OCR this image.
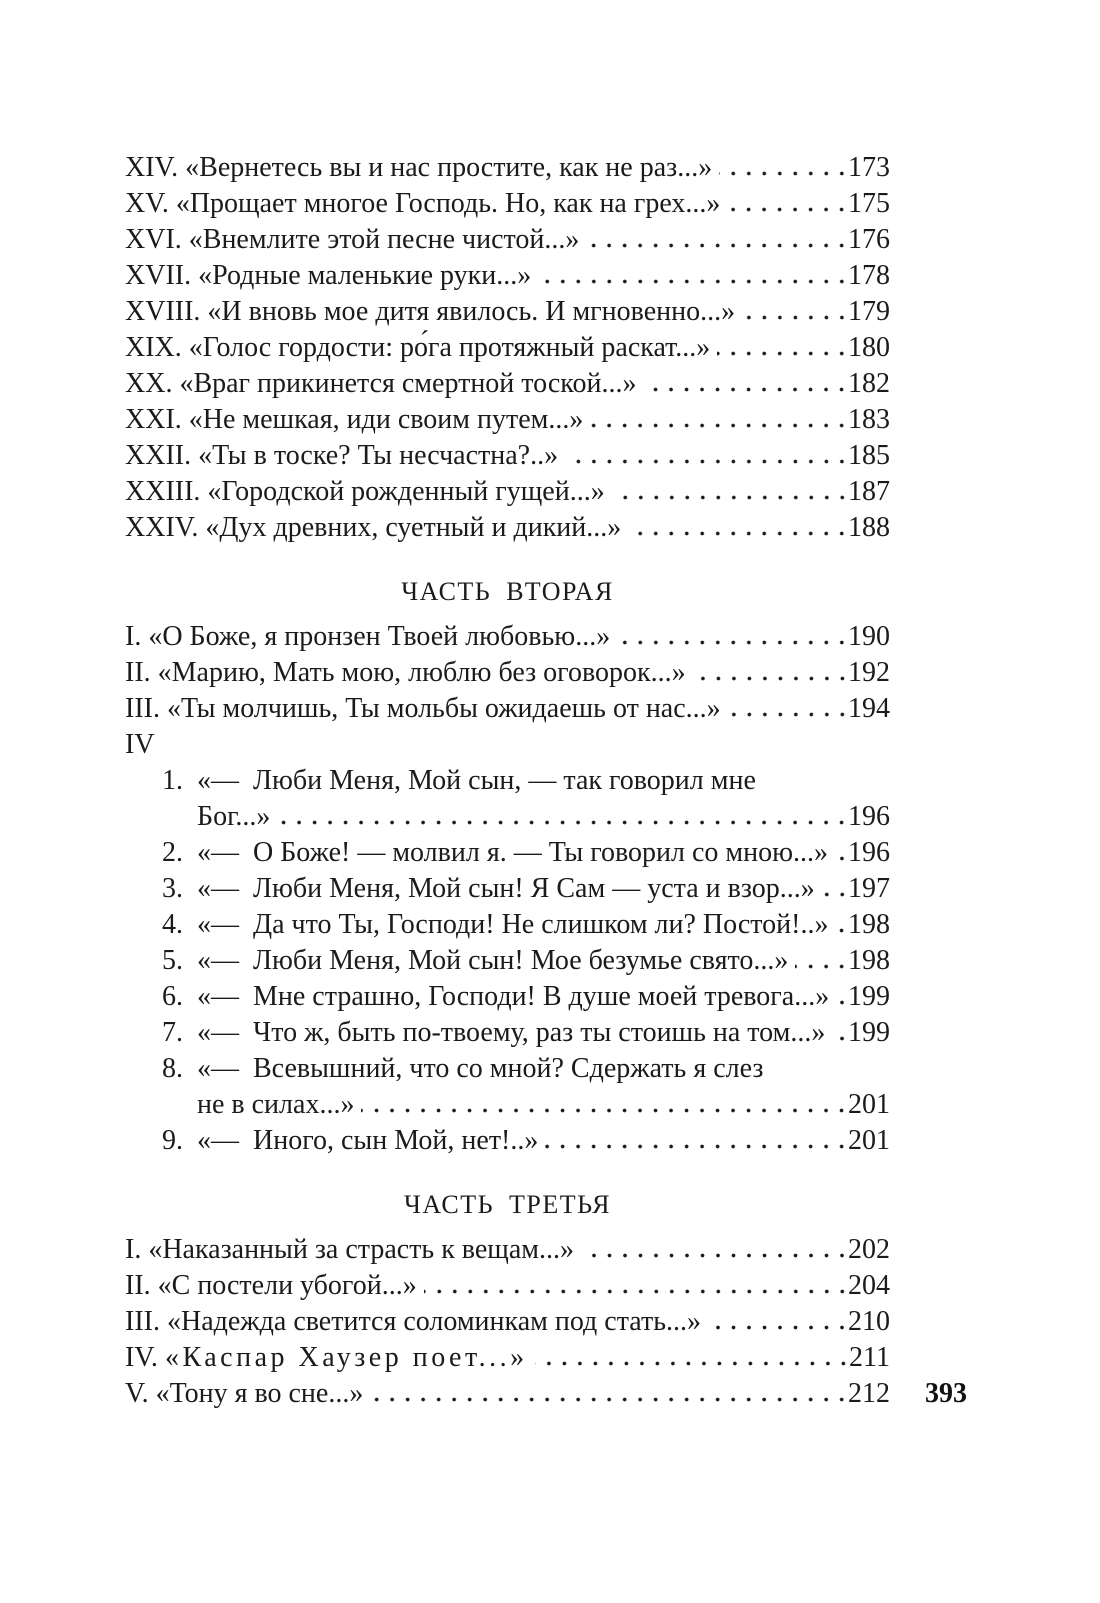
XIV. «Вернетесь вы и нас простите, как не раз...»	173
XV. «Прощает многое Господь. Но, как на грех...»	175
XVI. «Внемлите этой песне чистой...»	176
XVII. «Родные маленькие руки...»	178
XVIII. «И вновь мое дитя явилось. И мгновенно...»	179
XIX. «Голос гордости: ро́га протяжный раскат...»	180
XX. «Враг прикинется смертной тоской...»	182
XXI. «Не мешкая, иди своим путем...»	183
XXII. «Ты в тоске? Ты несчастна?..»	185
XXIII. «Городской рожденный гущей...»	187
XXIV. «Дух древних, суетный и дикий...»	188
ЧАСТЬ ВТОРАЯ
I. «О Боже, я пронзен Твоей любовью...»	190
II. «Марию, Мать мою, люблю без оговорок...»	192
III. «Ты молчишь, Ты мольбы ожидаешь от нас...»	194
IV
1. «— Люби Меня, Мой сын, — так говорил мне
Бог...»	196
2. «— О Боже! — молвил я. — Ты говорил со мною...» 196
3. «— Люби Меня, Мой сын! Я Сам — уста и взор...» 197
4. «— Да что Ты, Господи! Не слишком ли? Постой!..» 198
5. «— Люби Меня, Мой сын! Мое безумье свято...» 198
6. «— Мне страшно, Господи! В душе моей тревога...» 199
7. «— Что ж, быть по-твоему, раз ты стоишь на том...» 199
8. «— Всевышний, что со мной? Сдержать я слез
не в силах...»	201
9. «— Иного, сын Мой, нет!..»	201
ЧАСТЬ ТРЕТЬЯ
I. «Наказанный за страсть к вещам...»	202
II. «С постели убогой...»	204
III. «Надежда светится соломинкам под стать...»	210
IV. «Каспар Хаузер поет...»	211
V. «Тону я во сне...»	212 393
